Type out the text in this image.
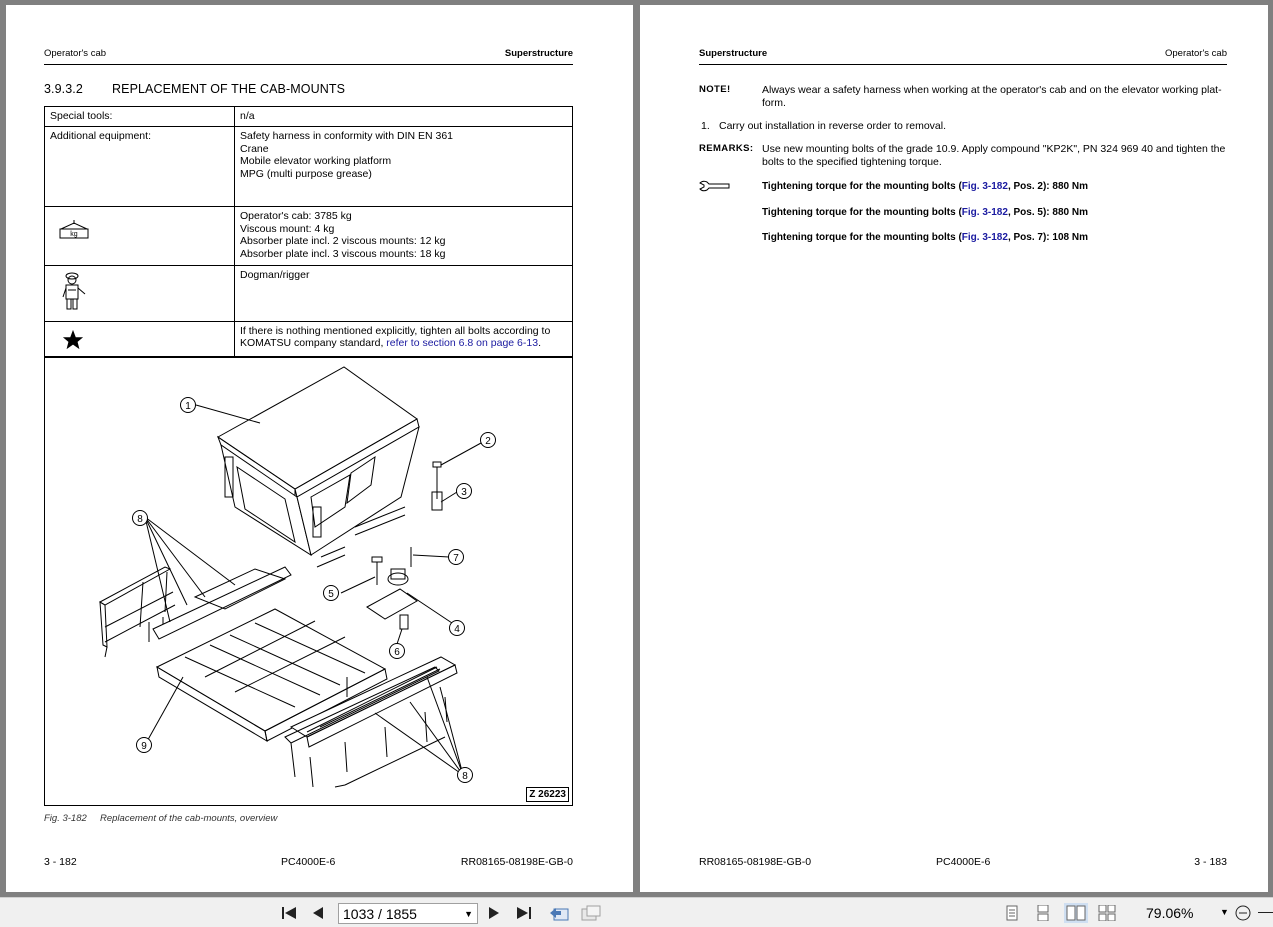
Operator's cab	Superstructure
3.9.3.2 REPLACEMENT OF THE CAB-MOUNTS
Special tools:	n/a
Additional equipment:	Safety harness in conformity with DIN EN 361
Crane
Mobile elevator working platform
MPG (multi purpose grease)

kg	Operator's cab: 3785 kg
Viscous mount: 4 kg
Absorber plate incl. 2 viscous mounts: 12 kg
Absorber plate incl. 3 viscous mounts: 18 kg

	Dogman/rigger
	If there is nothing mentioned explicitly, tighten all bolts according to KOMATSU company standard, refer to section 6.8 on page 6-13.
1
2
3
4
5
6
7
8
8
9
Z 26223
Fig. 3-182 Replacement of the cab-mounts, overview
3 - 182	PC4000E-6	RR08165-08198E-GB-0
Superstructure	Operator's cab
NOTE!	Always wear a safety harness when working at the operator's cab and on the elevator working plat-form.
1. Carry out installation in reverse order to removal.
REMARKS: Use new mounting bolts of the grade 10.9. Apply compound "KP2K", PN 324 969 40 and tighten the bolts to the specified tightening torque.
Tightening torque for the mounting bolts (Fig. 3-182, Pos. 2): 880 Nm
Tightening torque for the mounting bolts (Fig. 3-182, Pos. 5): 880 Nm
Tightening torque for the mounting bolts (Fig. 3-182, Pos. 7): 108 Nm
RR08165-08198E-GB-0	PC4000E-6	3 - 183
1033 / 1855	▼	79.06%	▼
